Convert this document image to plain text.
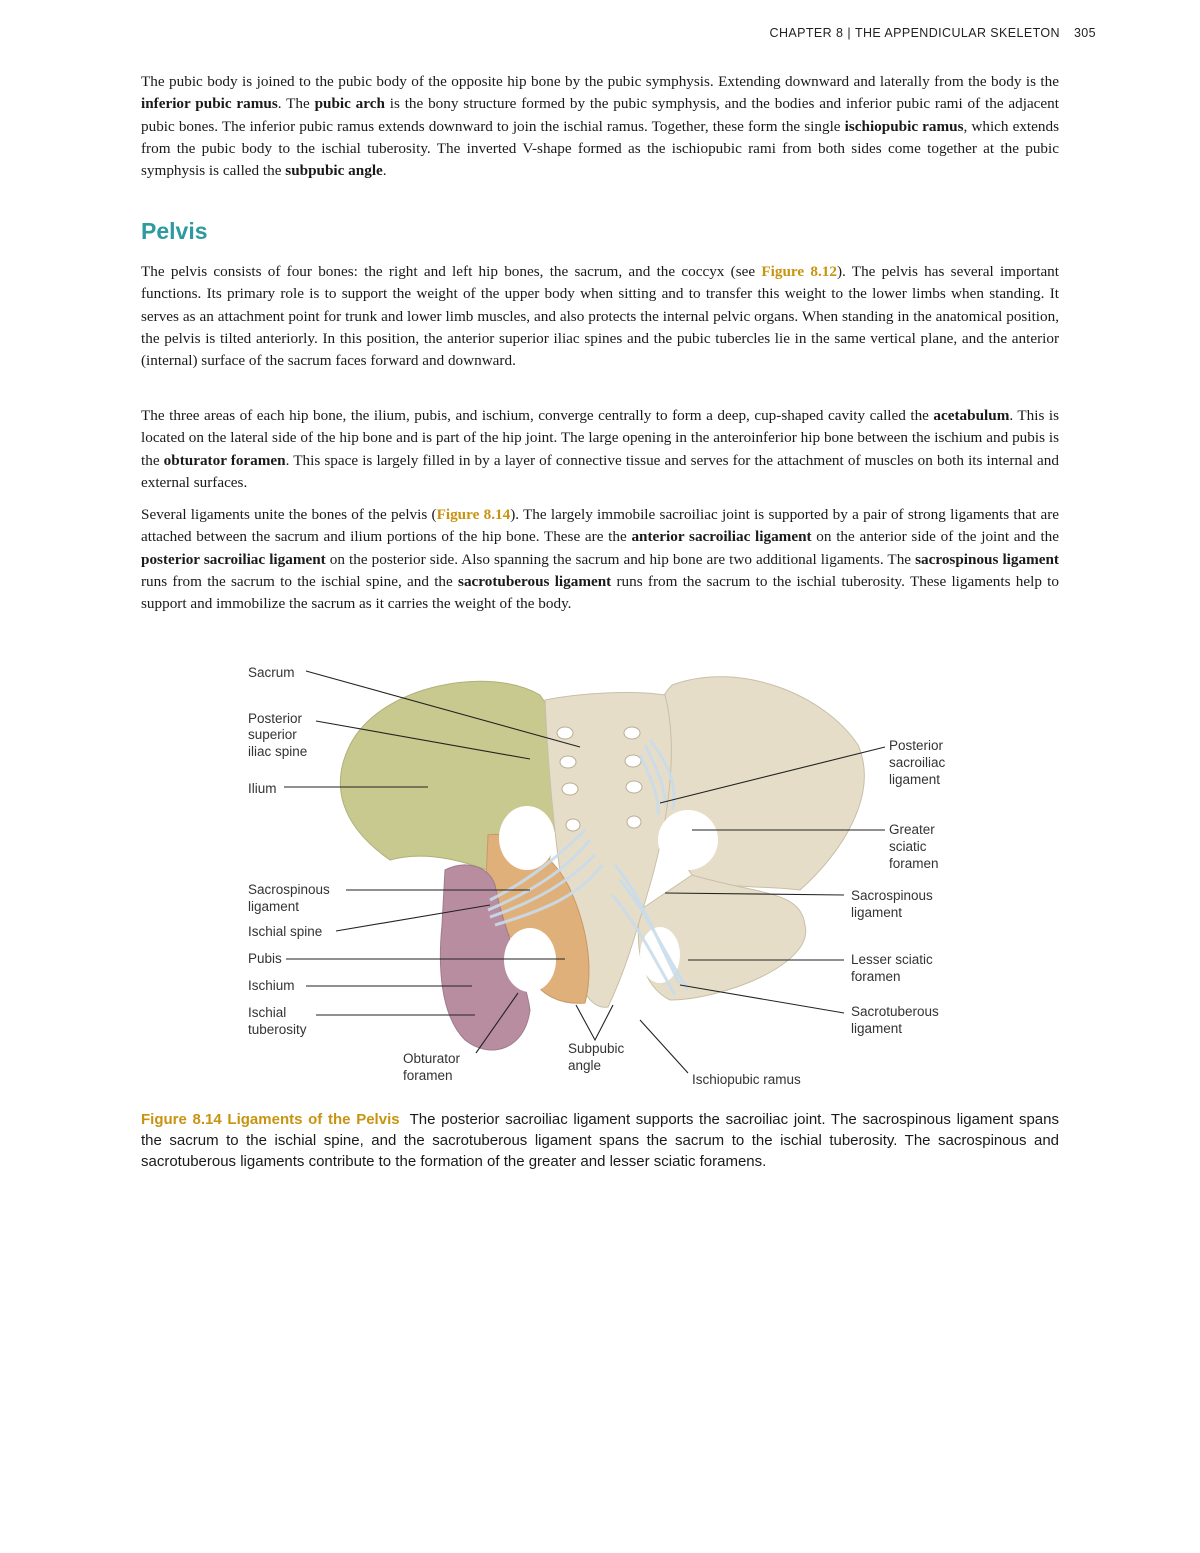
CHAPTER 8 | THE APPENDICULAR SKELETON 305

The pubic body is joined to the pubic body of the opposite hip bone by the pubic symphysis. Extending downward and laterally from the body is the inferior pubic ramus. The pubic arch is the bony structure formed by the pubic symphysis, and the bodies and inferior pubic rami of the adjacent pubic bones. The inferior pubic ramus extends downward to join the ischial ramus. Together, these form the single ischiopubic ramus, which extends from the pubic body to the ischial tuberosity. The inverted V-shape formed as the ischiopubic rami from both sides come together at the pubic symphysis is called the subpubic angle.

Pelvis

The pelvis consists of four bones: the right and left hip bones, the sacrum, and the coccyx (see Figure 8.12). The pelvis has several important functions. Its primary role is to support the weight of the upper body when sitting and to transfer this weight to the lower limbs when standing. It serves as an attachment point for trunk and lower limb muscles, and also protects the internal pelvic organs. When standing in the anatomical position, the pelvis is tilted anteriorly. In this position, the anterior superior iliac spines and the pubic tubercles lie in the same vertical plane, and the anterior (internal) surface of the sacrum faces forward and downward.

The three areas of each hip bone, the ilium, pubis, and ischium, converge centrally to form a deep, cup-shaped cavity called the acetabulum. This is located on the lateral side of the hip bone and is part of the hip joint. The large opening in the anteroinferior hip bone between the ischium and pubis is the obturator foramen. This space is largely filled in by a layer of connective tissue and serves for the attachment of muscles on both its internal and external surfaces.

Several ligaments unite the bones of the pelvis (Figure 8.14). The largely immobile sacroiliac joint is supported by a pair of strong ligaments that are attached between the sacrum and ilium portions of the hip bone. These are the anterior sacroiliac ligament on the anterior side of the joint and the posterior sacroiliac ligament on the posterior side. Also spanning the sacrum and hip bone are two additional ligaments. The sacrospinous ligament runs from the sacrum to the ischial spine, and the sacrotuberous ligament runs from the sacrum to the ischial tuberosity. These ligaments help to support and immobilize the sacrum as it carries the weight of the body.

Sacrum
Posterior
superior
iliac spine
Ilium
Sacrospinous
ligament
Ischial spine
Pubis
Ischium
Ischial
tuberosity
Obturator
foramen
Subpubic
angle
Ischiopubic ramus
Posterior
sacroiliac
ligament
Greater
sciatic
foramen
Sacrospinous
ligament
Lesser sciatic
foramen
Sacrotuberous
ligament

Figure 8.14 Ligaments of the Pelvis The posterior sacroiliac ligament supports the sacroiliac joint. The sacrospinous ligament spans the sacrum to the ischial spine, and the sacrotuberous ligament spans the sacrum to the ischial tuberosity. The sacrospinous and sacrotuberous ligaments contribute to the formation of the greater and lesser sciatic foramens.
